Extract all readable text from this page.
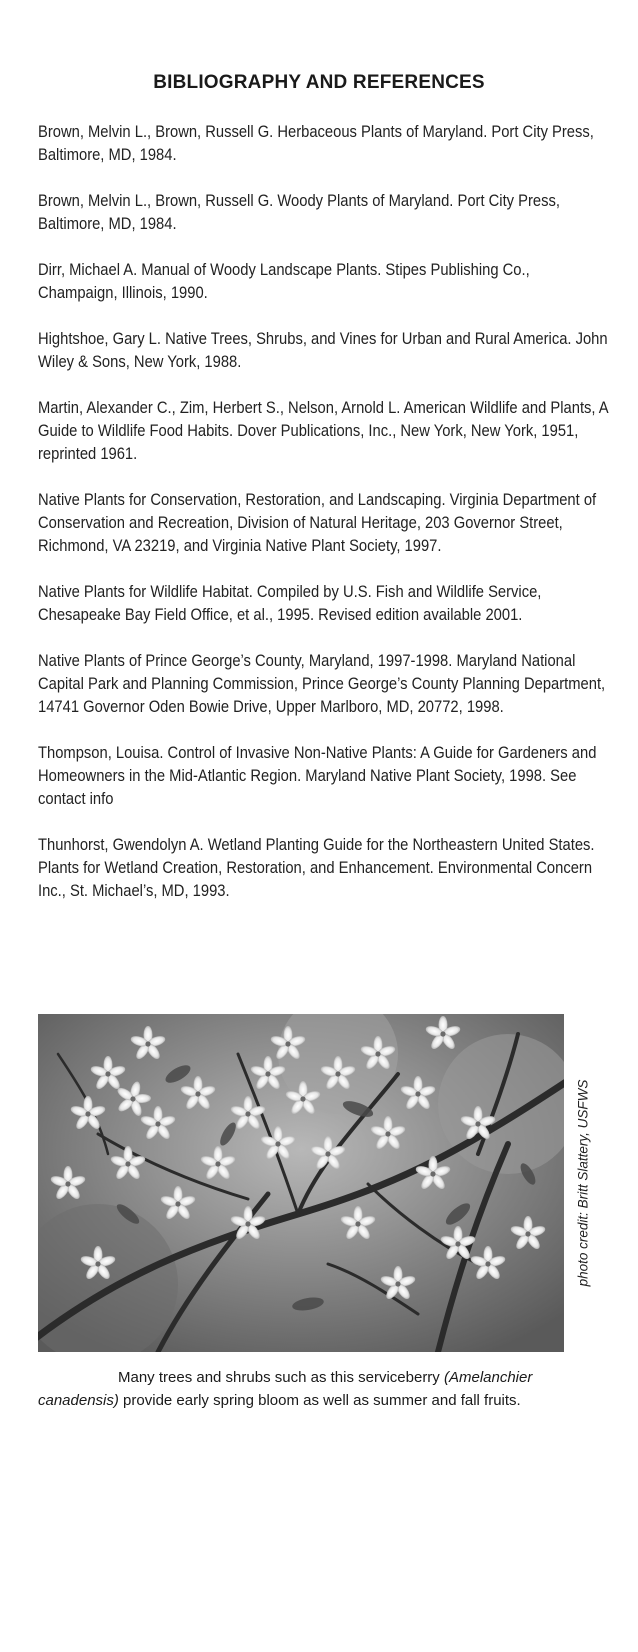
BIBLIOGRAPHY AND REFERENCES
Brown, Melvin L., Brown, Russell G. Herbaceous Plants of Maryland. Port City Press, Baltimore, MD, 1984.
Brown, Melvin L., Brown, Russell G. Woody Plants of Maryland. Port City Press, Baltimore, MD, 1984.
Dirr, Michael A. Manual of Woody Landscape Plants. Stipes Publishing Co., Champaign, Illinois, 1990.
Hightshoe, Gary L. Native Trees, Shrubs, and Vines for Urban and Rural America. John Wiley & Sons, New York, 1988.
Martin, Alexander C., Zim, Herbert S., Nelson, Arnold L. American Wildlife and Plants, A Guide to Wildlife Food Habits. Dover Publications, Inc., New York, New York, 1951, reprinted 1961.
Native Plants for Conservation, Restoration, and Landscaping. Virginia Department of Conservation and Recreation, Division of Natural Heritage, 203 Governor Street, Richmond, VA 23219, and Virginia Native Plant Society, 1997.
Native Plants for Wildlife Habitat. Compiled by U.S. Fish and Wildlife Service, Chesapeake Bay Field Office, et al., 1995. Revised edition available 2001.
Native Plants of Prince George’s County, Maryland, 1997-1998. Maryland National Capital Park and Planning Commission, Prince George’s County Planning Department, 14741 Governor Oden Bowie Drive, Upper Marlboro, MD, 20772, 1998.
Thompson, Louisa. Control of Invasive Non-Native Plants: A Guide for Gardeners and Homeowners in the Mid-Atlantic Region. Maryland Native Plant Society, 1998. See contact info
Thunhorst, Gwendolyn A. Wetland Planting Guide for the Northeastern United States. Plants for Wetland Creation, Restoration, and Enhancement. Environmental Concern Inc., St. Michael’s, MD, 1993.
photo credit: Britt Slattery, USFWS

Many trees and shrubs such as this serviceberry (Amelanchier canadensis) provide early spring bloom as well as summer and fall fruits.
